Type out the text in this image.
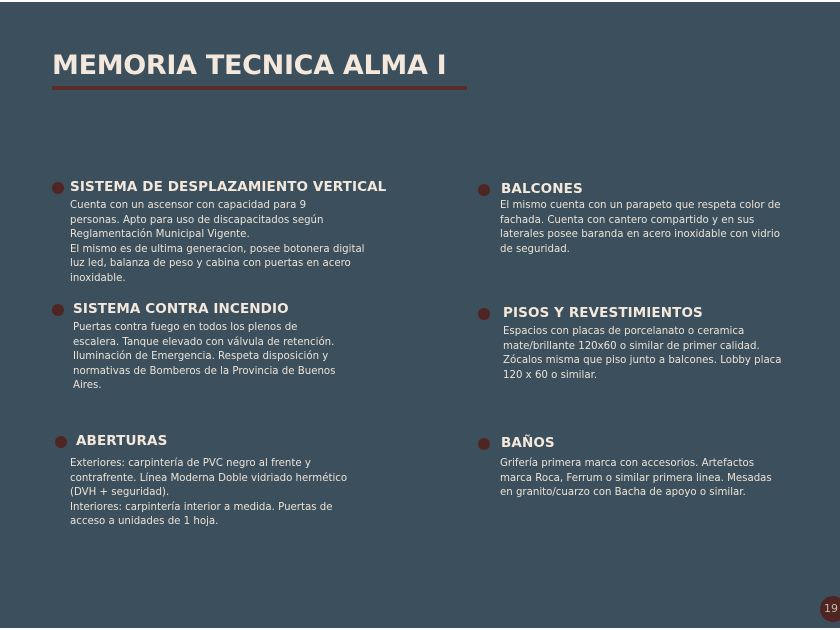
MEMORIA TECNICA ALMA I
SISTEMA DE DESPLAZAMIENTO VERTICAL

Cuenta con un ascensor con capacidad para 9
personas. Apto para uso de discapacitados según
Reglamentación Municipal Vigente.
El mismo es de ultima generacion, posee botonera digital
luz led, balanza de peso y cabina con puertas en acero
inoxidable.

SISTEMA CONTRA INCENDIO

Puertas contra fuego en todos los plenos de
escalera. Tanque elevado con válvula de retención.
Iluminación de Emergencia. Respeta disposición y
normativas de Bomberos de la Provincia de Buenos
Aires.

ABERTURAS

Exteriores: carpintería de PVC negro al frente y
contrafrente. Línea Moderna Doble vidriado hermético
(DVH + seguridad).
Interiores: carpintería interior a medida. Puertas de
acceso a unidades de 1 hoja.

BALCONES

El mismo cuenta con un parapeto que respeta color de
fachada. Cuenta con cantero compartido y en sus
laterales posee baranda en acero inoxidable con vidrio
de seguridad.

PISOS Y REVESTIMIENTOS

Espacios con placas de porcelanato o ceramica
mate/brillante 120x60 o similar de primer calidad.
Zócalos misma que piso junto a balcones. Lobby placa
120 x 60 o similar.

BAÑOS

Grifería primera marca con accesorios. Artefactos
marca Roca, Ferrum o similar primera linea. Mesadas
en granito/cuarzo con Bacha de apoyo o similar.

19
